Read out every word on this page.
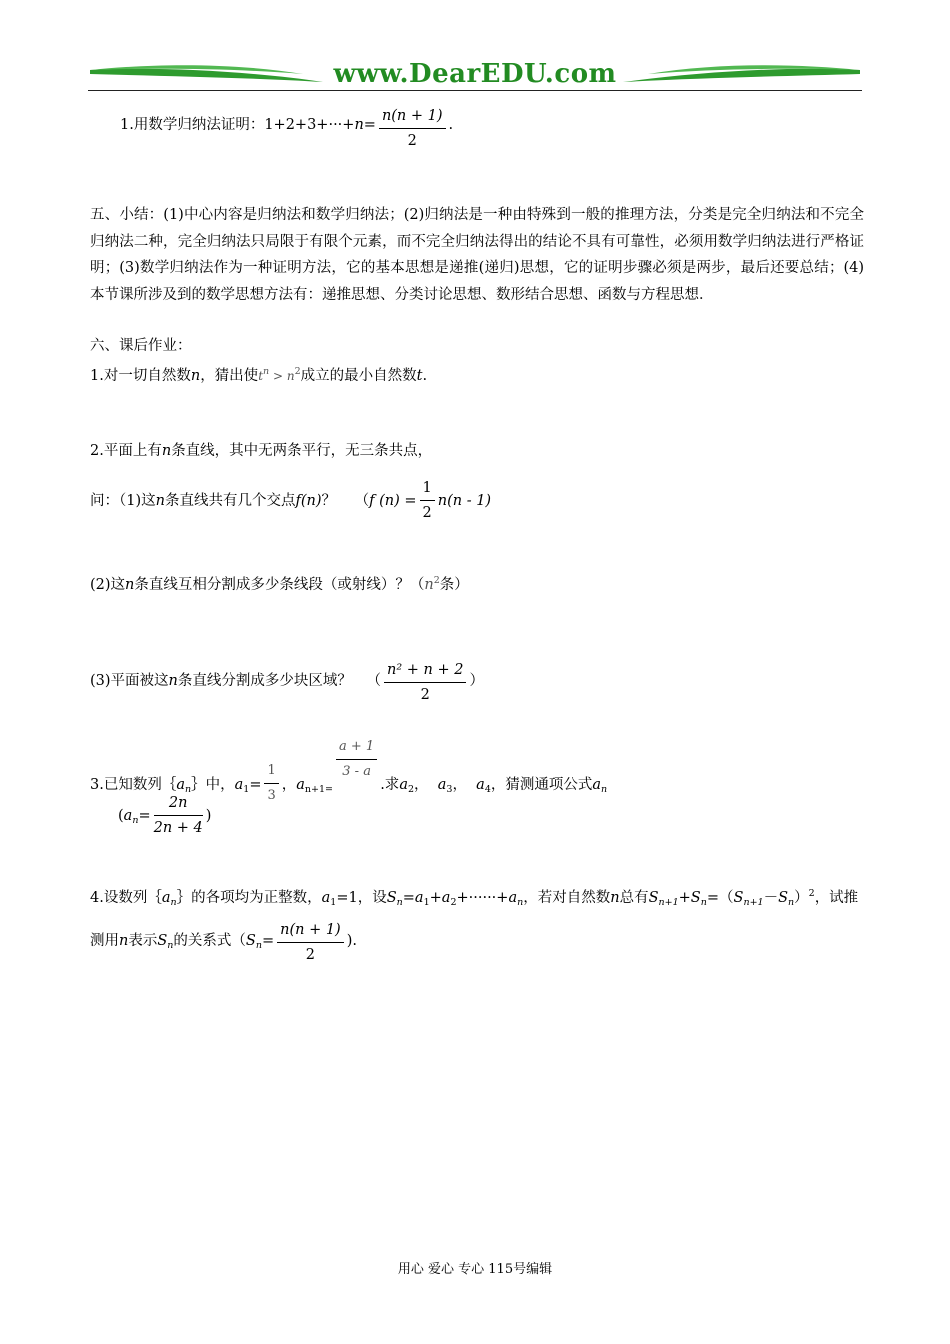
www.DearEDU.com
1.用数学归纳法证明：$1+2+3+\cdot\cdot\cdot+n= \frac{n(n + 1)}{2}$ .
五、小结：(1)中心内容是归纳法和数学归纳法；(2)归纳法是一种由特殊到一般的推理方法，分类是完全归纳法和不完全归纳法二种，完全归纳法只局限于有限个元素，而不完全归纳法得出的结论不具有可靠性，必须用数学归纳法进行严格证明；(3)数学归纳法作为一种证明方法，它的基本思想是递推(递归)思想，它的证明步骤必须是两步，最后还要总结；(4)本节课所涉及到的数学思想方法有：递推思想、分类讨论思想、数形结合思想、函数与方程思想．
六、课后作业：
1.对一切自然数n，猜出使$t^n > n^2$成立的最小自然数t.
2.平面上有n条直线，其中无两条平行，无三条共点，
问：（1)这n条直线共有几个交点f(n)？ （f $(n) = \frac{1}{2} n(n - 1)$
(2)这n条直线互相分割成多少条线段（或射线）？（$n^2$条）
(3)平面被这n条直线分割成多少块区域？ （ $\frac{\text{n² + n + 2}}{2}$ ）
3.已知数列$\{a_n\}$中，$a_1= \frac{1}{3}$ ，$a_{n+1=}$
$\frac{a + 1}{3 - a}$
.求$a_2$，  $a_3$，  $a_4$，猜测通项公式$a_n$
($a_n= \frac{2n}{2n + 4}$ )
4.设数列$\{a_n\}$的各项均为正整数，$a_1=1$，设$S_n=a_1+a_2+\cdot\cdot\cdot\cdot\cdot\cdot+a_n$，若对自然数n总有$S_{n+1}+S_n=(S_{n+1}-S_n)^2$，试推
测用n表示$S_n$的关系式（$S_n= \frac{n(n + 1)}{2}$ ).
用心 爱心 专心 115号编辑
